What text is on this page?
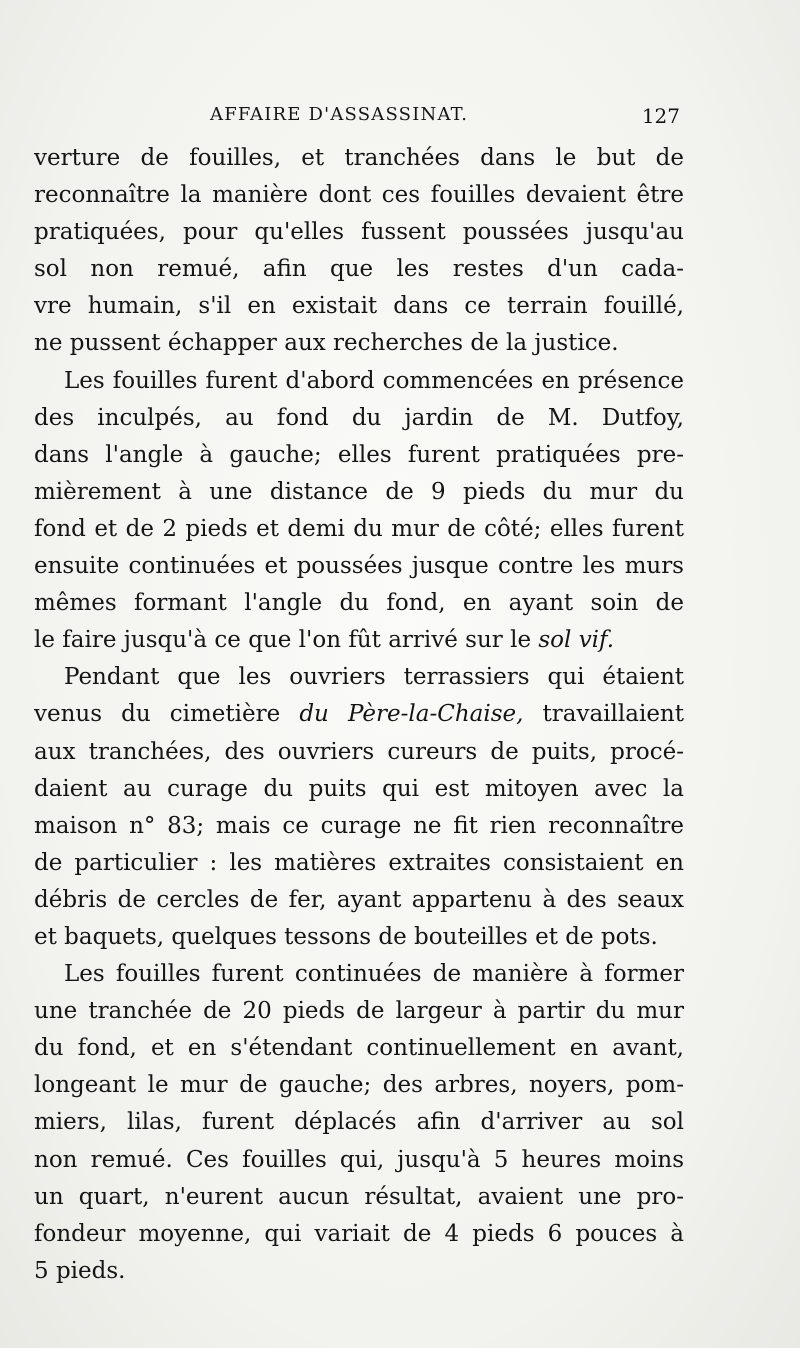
AFFAIRE D'ASSASSINAT.	127
verture de fouilles, et tranchées dans le but de
reconnaître la manière dont ces fouilles devaient être
pratiquées, pour qu'elles fussent poussées jusqu'au
sol non remué, afin que les restes d'un cada-
vre humain, s'il en existait dans ce terrain fouillé,
ne pussent échapper aux recherches de la justice.
Les fouilles furent d'abord commencées en présence
des inculpés, au fond du jardin de M. Dutfoy,
dans l'angle à gauche; elles furent pratiquées pre-
mièrement à une distance de 9 pieds du mur du
fond et de 2 pieds et demi du mur de côté; elles furent
ensuite continuées et poussées jusque contre les murs
mêmes formant l'angle du fond, en ayant soin de
le faire jusqu'à ce que l'on fût arrivé sur le sol vif.
Pendant que les ouvriers terrassiers qui étaient
venus du cimetière du Père-la-Chaise, travaillaient
aux tranchées, des ouvriers cureurs de puits, procé-
daient au curage du puits qui est mitoyen avec la
maison n° 83; mais ce curage ne fit rien reconnaître
de particulier : les matières extraites consistaient en
débris de cercles de fer, ayant appartenu à des seaux
et baquets, quelques tessons de bouteilles et de pots.
Les fouilles furent continuées de manière à former
une tranchée de 20 pieds de largeur à partir du mur
du fond, et en s'étendant continuellement en avant,
longeant le mur de gauche; des arbres, noyers, pom-
miers, lilas, furent déplacés afin d'arriver au sol
non remué. Ces fouilles qui, jusqu'à 5 heures moins
un quart, n'eurent aucun résultat, avaient une pro-
fondeur moyenne, qui variait de 4 pieds 6 pouces à
5 pieds.
